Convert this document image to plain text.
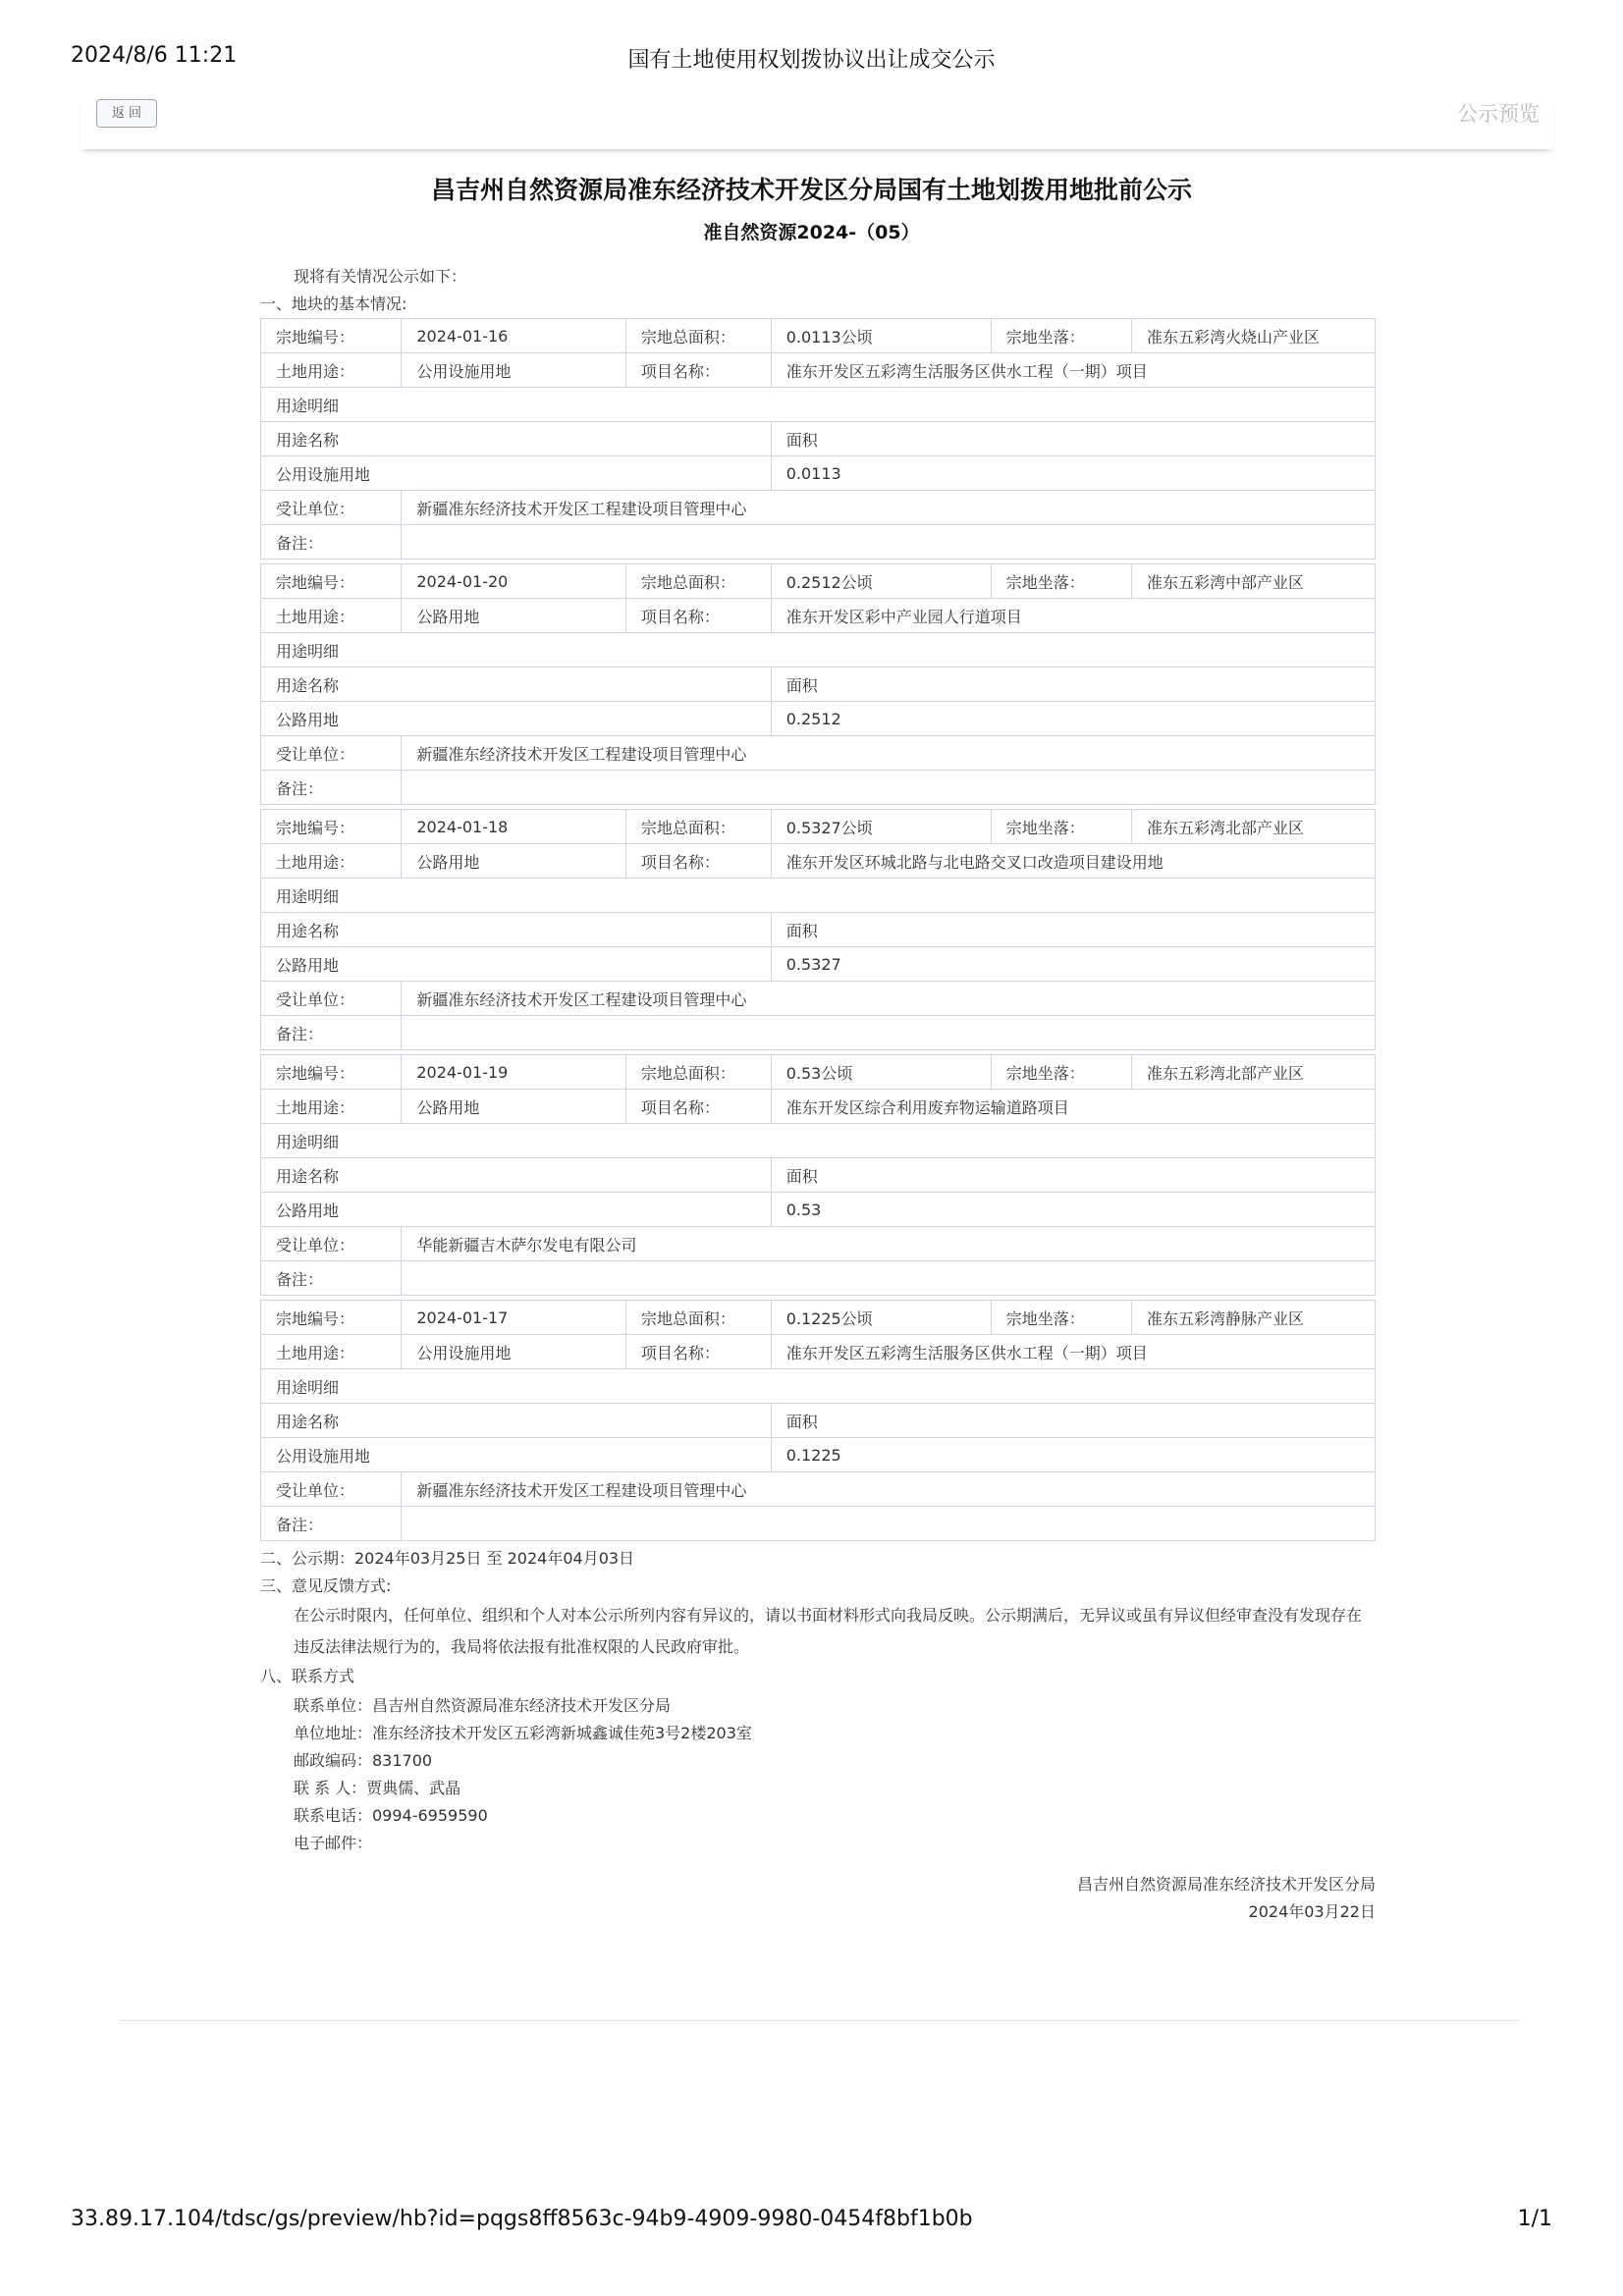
2024/8/6 11:21	国有土地使用权划拨协议出让成交公示
返 回	公示预览
昌吉州自然资源局准东经济技术开发区分局国有土地划拨用地批前公示
准自然资源2024-（05）
现将有关情况公示如下：
一、地块的基本情况:
宗地编号：	2024-01-16	宗地总面积：	0.0113公顷	宗地坐落：	准东五彩湾火烧山产业区
土地用途：	公用设施用地	项目名称：	准东开发区五彩湾生活服务区供水工程（一期）项目		
用途明细					
用途名称			面积		
公用设施用地			0.0113		
受让单位：	新疆准东经济技术开发区工程建设项目管理中心				
备注：					
宗地编号：	2024-01-20	宗地总面积：	0.2512公顷	宗地坐落：	准东五彩湾中部产业区
土地用途：	公路用地	项目名称：	准东开发区彩中产业园人行道项目		
用途明细					
用途名称			面积		
公路用地			0.2512		
受让单位：	新疆准东经济技术开发区工程建设项目管理中心				
备注：					
宗地编号：	2024-01-18	宗地总面积：	0.5327公顷	宗地坐落：	准东五彩湾北部产业区
土地用途：	公路用地	项目名称：	准东开发区环城北路与北电路交叉口改造项目建设用地		
用途明细					
用途名称			面积		
公路用地			0.5327		
受让单位：	新疆准东经济技术开发区工程建设项目管理中心				
备注：					
宗地编号：	2024-01-19	宗地总面积：	0.53公顷	宗地坐落：	准东五彩湾北部产业区
土地用途：	公路用地	项目名称：	准东开发区综合利用废弃物运输道路项目		
用途明细					
用途名称			面积		
公路用地			0.53		
受让单位：	华能新疆吉木萨尔发电有限公司				
备注：					
宗地编号：	2024-01-17	宗地总面积：	0.1225公顷	宗地坐落：	准东五彩湾静脉产业区
土地用途：	公用设施用地	项目名称：	准东开发区五彩湾生活服务区供水工程（一期）项目		
用途明细					
用途名称			面积		
公用设施用地			0.1225		
受让单位：	新疆准东经济技术开发区工程建设项目管理中心				
备注：					
二、公示期：2024年03月25日 至 2024年04月03日
三、意见反馈方式:
在公示时限内，任何单位、组织和个人对本公示所列内容有异议的，请以书面材料形式向我局反映。公示期满后，无异议或虽有异议但经审查没有发现存在违反法律法规行为的，我局将依法报有批准权限的人民政府审批。
八、联系方式
联系单位：昌吉州自然资源局准东经济技术开发区分局
单位地址：准东经济技术开发区五彩湾新城鑫诚佳苑3号2楼203室
邮政编码：831700
联 系 人：贾典儒、武晶
联系电话：0994-6959590
电子邮件：
昌吉州自然资源局准东经济技术开发区分局
2024年03月22日
33.89.17.104/tdsc/gs/preview/hb?id=pqgs8ff8563c-94b9-4909-9980-0454f8bf1b0b	1/1
